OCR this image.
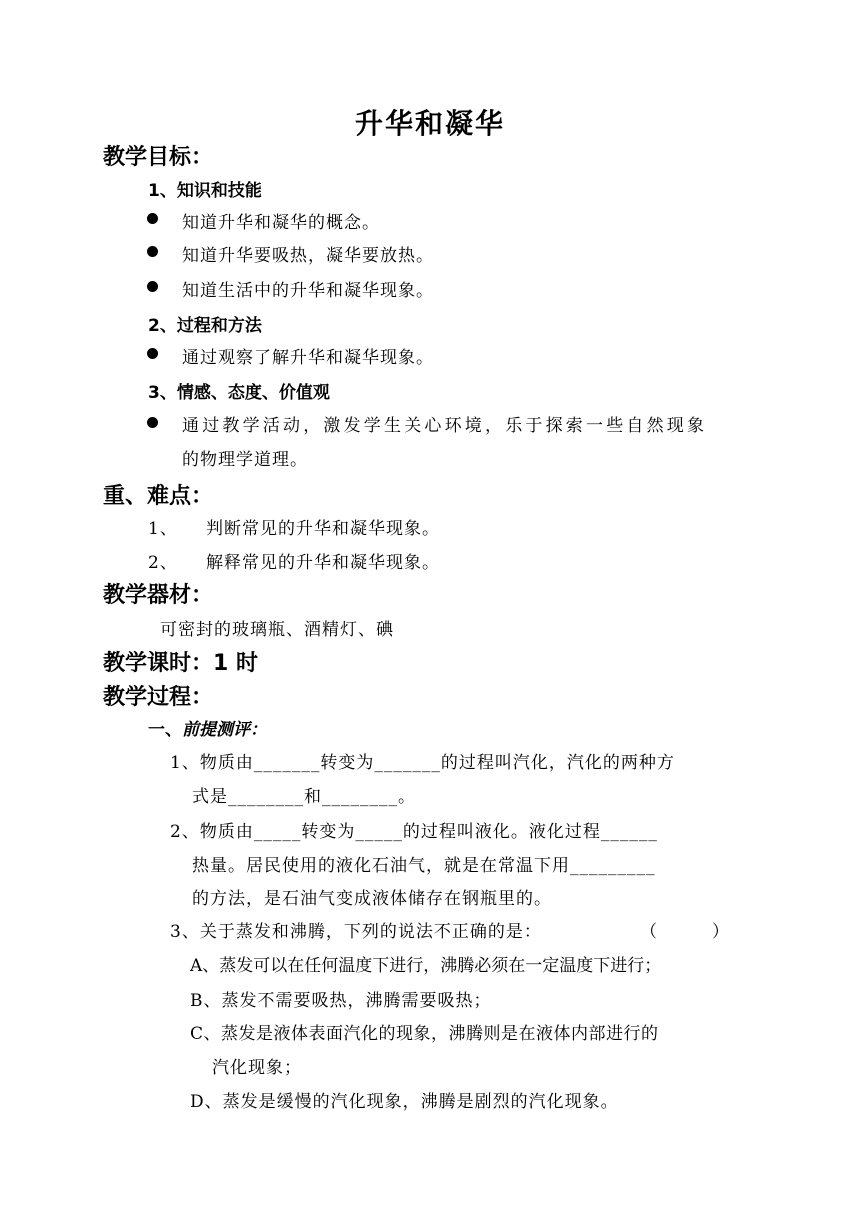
升华和凝华
教学目标：
1、知识和技能
知道升华和凝华的概念。
知道升华要吸热，凝华要放热。
知道生活中的升华和凝华现象。
2、过程和方法
通过观察了解升华和凝华现象。
3、情感、态度、价值观
通过教学活动，激发学生关心环境，乐于探索一些自然现象
的物理学道理。
重、难点：
1、 判断常见的升华和凝华现象。
2、 解释常见的升华和凝华现象。
教学器材：
可密封的玻璃瓶、酒精灯、碘
教学课时：1 时
教学过程：
一、前提测评：
1、物质由_______转变为_______的过程叫汽化，汽化的两种方
式是________和________。
2、物质由_____转变为_____的过程叫液化。液化过程______
热量。居民使用的液化石油气，就是在常温下用_________
的方法，是石油气变成液体储存在钢瓶里的。
3、关于蒸发和沸腾，下列的说法不正确的是：	（　　　）
A、蒸发可以在任何温度下进行，沸腾必须在一定温度下进行；
B、蒸发不需要吸热，沸腾需要吸热；
C、蒸发是液体表面汽化的现象，沸腾则是在液体内部进行的
汽化现象；
D、蒸发是缓慢的汽化现象，沸腾是剧烈的汽化现象。
